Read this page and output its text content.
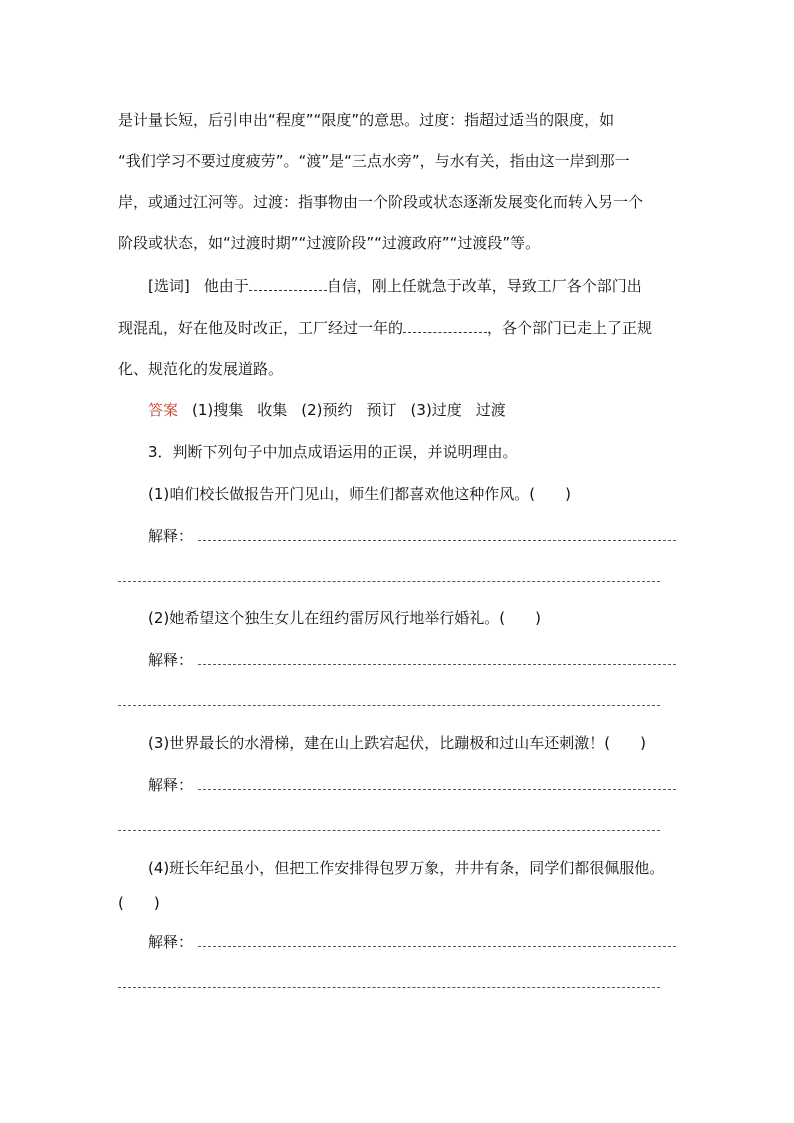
是计量长短，后引申出“程度”“限度”的意思。过度：指超过适当的限度，如
“我们学习不要过度疲劳”。“渡”是“三点水旁”，与水有关，指由这一岸到那一
岸，或通过江河等。过渡：指事物由一个阶段或状态逐渐发展变化而转入另一个
阶段或状态，如“过渡时期”“过渡阶段”“过渡政府”“过渡段”等。
[选词] 他由于	自信，刚上任就急于改革，导致工厂各个部门出
现混乱，好在他及时改正，工厂经过一年的	，各个部门已走上了正规
化、规范化的发展道路。
答案 (1)搜集 收集 (2)预约 预订 (3)过度 过渡
3．判断下列句子中加点成语运用的正误，并说明理由。
(1)咱们校长做报告开门见山，师生们都喜欢他这种作风。(　　)
解释：
(2)她希望这个独生女儿在纽约雷厉风行地举行婚礼。(　　)
解释：
(3)世界最长的水滑梯，建在山上跌宕起伏，比蹦极和过山车还刺激！(　　)
解释：
(4)班长年纪虽小，但把工作安排得包罗万象，井井有条，同学们都很佩服他。
(　　)
解释：
